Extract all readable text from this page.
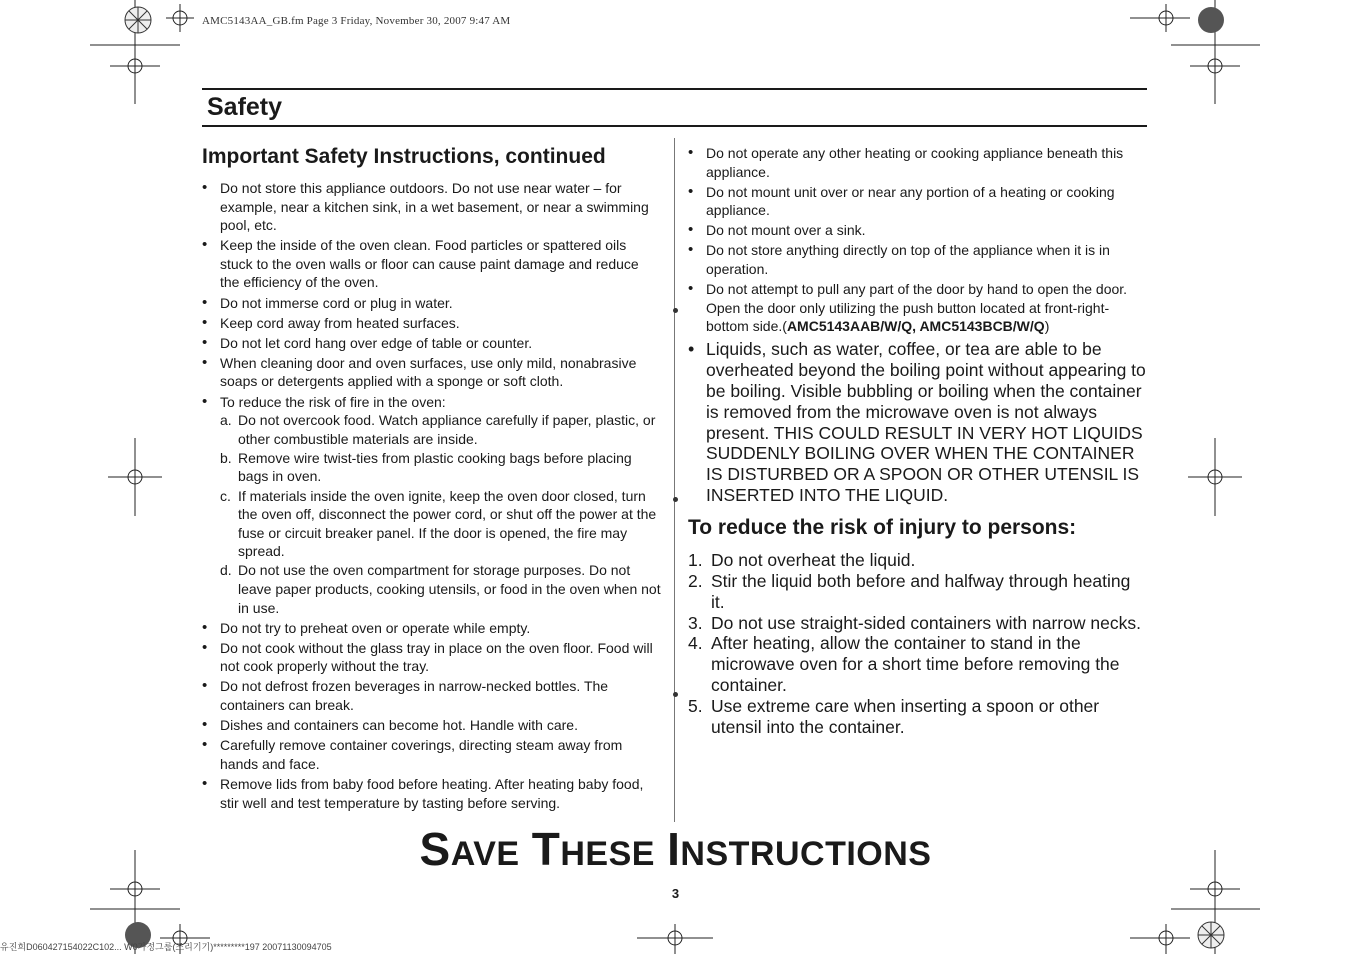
AMC5143AA_GB.fm Page 3 Friday, November 30, 2007 9:47 AM
Safety
Important Safety Instructions, continued
• Do not store this appliance outdoors. Do not use near water – for example, near a kitchen sink, in a wet basement, or near a swimming pool, etc.
• Keep the inside of the oven clean. Food particles or spattered oils stuck to the oven walls or floor can cause paint damage and reduce the efficiency of the oven.
• Do not immerse cord or plug in water.
• Keep cord away from heated surfaces.
• Do not let cord hang over edge of table or counter.
• When cleaning door and oven surfaces, use only mild, nonabrasive soaps or detergents applied with a sponge or soft cloth.
• To reduce the risk of fire in the oven:
a. Do not overcook food. Watch appliance carefully if paper, plastic, or other combustible materials are inside.
b. Remove wire twist-ties from plastic cooking bags before placing bags in oven.
c. If materials inside the oven ignite, keep the oven door closed, turn the oven off, disconnect the power cord, or shut off the power at the fuse or circuit breaker panel. If the door is opened, the fire may spread.
d. Do not use the oven compartment for storage purposes. Do not leave paper products, cooking utensils, or food in the oven when not in use.
• Do not try to preheat oven or operate while empty.
• Do not cook without the glass tray in place on the oven floor. Food will not cook properly without the tray.
• Do not defrost frozen beverages in narrow-necked bottles. The containers can break.
• Dishes and containers can become hot. Handle with care.
• Carefully remove container coverings, directing steam away from hands and face.
• Remove lids from baby food before heating. After heating baby food, stir well and test temperature by tasting before serving.
• Do not operate any other heating or cooking appliance beneath this appliance.
• Do not mount unit over or near any portion of a heating or cooking appliance.
• Do not mount over a sink.
• Do not store anything directly on top of the appliance when it is in operation.
• Do not attempt to pull any part of the door by hand to open the door. Open the door only utilizing the push button located at front-right-bottom side.(AMC5143AAB/W/Q, AMC5143BCB/W/Q)
• Liquids, such as water, coffee, or tea are able to be overheated beyond the boiling point without appearing to be boiling. Visible bubbling or boiling when the container is removed from the microwave oven is not always present. THIS COULD RESULT IN VERY HOT LIQUIDS SUDDENLY BOILING OVER WHEN THE CONTAINER IS DISTURBED OR A SPOON OR OTHER UTENSIL IS INSERTED INTO THE LIQUID.
To reduce the risk of injury to persons:
1. Do not overheat the liquid.
2. Stir the liquid both before and halfway through heating it.
3. Do not use straight-sided containers with narrow necks.
4. After heating, allow the container to stand in the microwave oven for a short time before removing the container.
5. Use extreme care when inserting a spoon or other utensil into the container.
SAVE THESE INSTRUCTIONS
3
유진희D060427154022C102... W0가정그룹(조리기기)*********197 20071130094705
